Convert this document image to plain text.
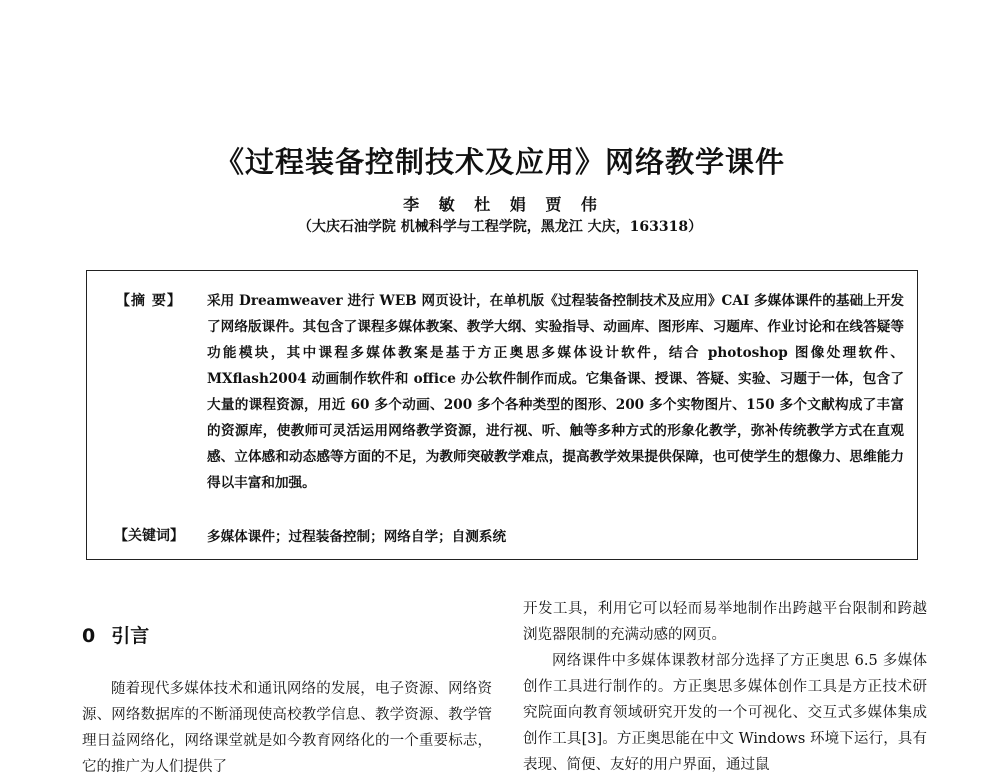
《过程装备控制技术及应用》网络教学课件
李 敏 杜 娟 贾 伟
（大庆石油学院 机械科学与工程学院，黑龙江 大庆，163318）
【摘 要】 采用 Dreamweaver 进行 WEB 网页设计，在单机版《过程装备控制技术及应用》CAI 多媒体课件的基础上开发了网络版课件。其包含了课程多媒体教案、教学大纲、实验指导、动画库、图形库、习题库、作业讨论和在线答疑等功能模块，其中课程多媒体教案是基于方正奥思多媒体设计软件，结合 photoshop 图像处理软件、MXflash2004 动画制作软件和 office 办公软件制作而成。它集备课、授课、答疑、实验、习题于一体，包含了大量的课程资源，用近 60 多个动画、200 多个各种类型的图形、200 多个实物图片、150 多个文献构成了丰富的资源库，使教师可灵活运用网络教学资源，进行视、听、触等多种方式的形象化教学，弥补传统教学方式在直观感、立体感和动态感等方面的不足，为教师突破教学难点，提高教学效果提供保障，也可使学生的想像力、思维能力得以丰富和加强。
【关键词】 多媒体课件；过程装备控制；网络自学；自测系统
0 引言

随着现代多媒体技术和通讯网络的发展，电子资源、网络资源、网络数据库的不断涌现使高校教学信息、教学资源、教学管理日益网络化，网络课堂就是如今教育网络化的一个重要标志，它的推广为人们提供了

开发工具，利用它可以轻而易举地制作出跨越平台限制和跨越浏览器限制的充满动感的网页。

网络课件中多媒体课教材部分选择了方正奥思 6.5 多媒体创作工具进行制作的。方正奥思多媒体创作工具是方正技术研究院面向教育领域研究开发的一个可视化、交互式多媒体集成创作工具[3]。方正奥思能在中文 Windows 环境下运行，具有表现、简便、友好的用户界面，通过鼠
